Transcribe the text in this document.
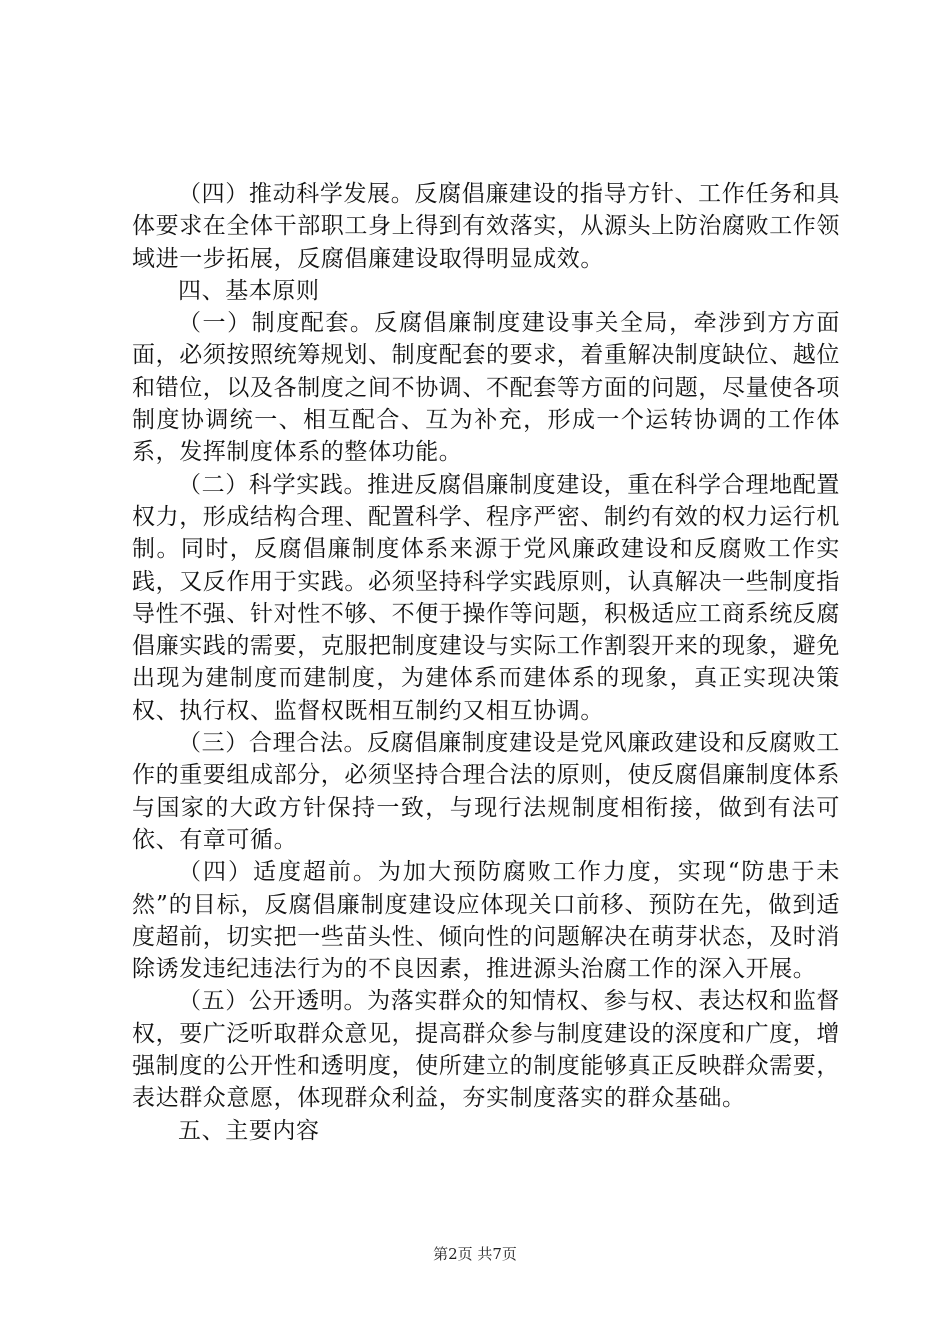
（四）推动科学发展。反腐倡廉建设的指导方针、工作任务和具体要求在全体干部职工身上得到有效落实，从源头上防治腐败工作领域进一步拓展，反腐倡廉建设取得明显成效。

四、基本原则

（一）制度配套。反腐倡廉制度建设事关全局，牵涉到方方面面，必须按照统筹规划、制度配套的要求，着重解决制度缺位、越位和错位，以及各制度之间不协调、不配套等方面的问题，尽量使各项制度协调统一、相互配合、互为补充，形成一个运转协调的工作体系，发挥制度体系的整体功能。

（二）科学实践。推进反腐倡廉制度建设，重在科学合理地配置权力，形成结构合理、配置科学、程序严密、制约有效的权力运行机制。同时，反腐倡廉制度体系来源于党风廉政建设和反腐败工作实践，又反作用于实践。必须坚持科学实践原则，认真解决一些制度指导性不强、针对性不够、不便于操作等问题，积极适应工商系统反腐倡廉实践的需要，克服把制度建设与实际工作割裂开来的现象，避免出现为建制度而建制度，为建体系而建体系的现象，真正实现决策权、执行权、监督权既相互制约又相互协调。

（三）合理合法。反腐倡廉制度建设是党风廉政建设和反腐败工作的重要组成部分，必须坚持合理合法的原则，使反腐倡廉制度体系与国家的大政方针保持一致，与现行法规制度相衔接，做到有法可依、有章可循。

（四）适度超前。为加大预防腐败工作力度，实现“防患于未然”的目标，反腐倡廉制度建设应体现关口前移、预防在先，做到适度超前，切实把一些苗头性、倾向性的问题解决在萌芽状态，及时消除诱发违纪违法行为的不良因素，推进源头治腐工作的深入开展。

（五）公开透明。为落实群众的知情权、参与权、表达权和监督权，要广泛听取群众意见，提高群众参与制度建设的深度和广度，增强制度的公开性和透明度，使所建立的制度能够真正反映群众需要，表达群众意愿，体现群众利益，夯实制度落实的群众基础。

五、主要内容

第2页 共7页
